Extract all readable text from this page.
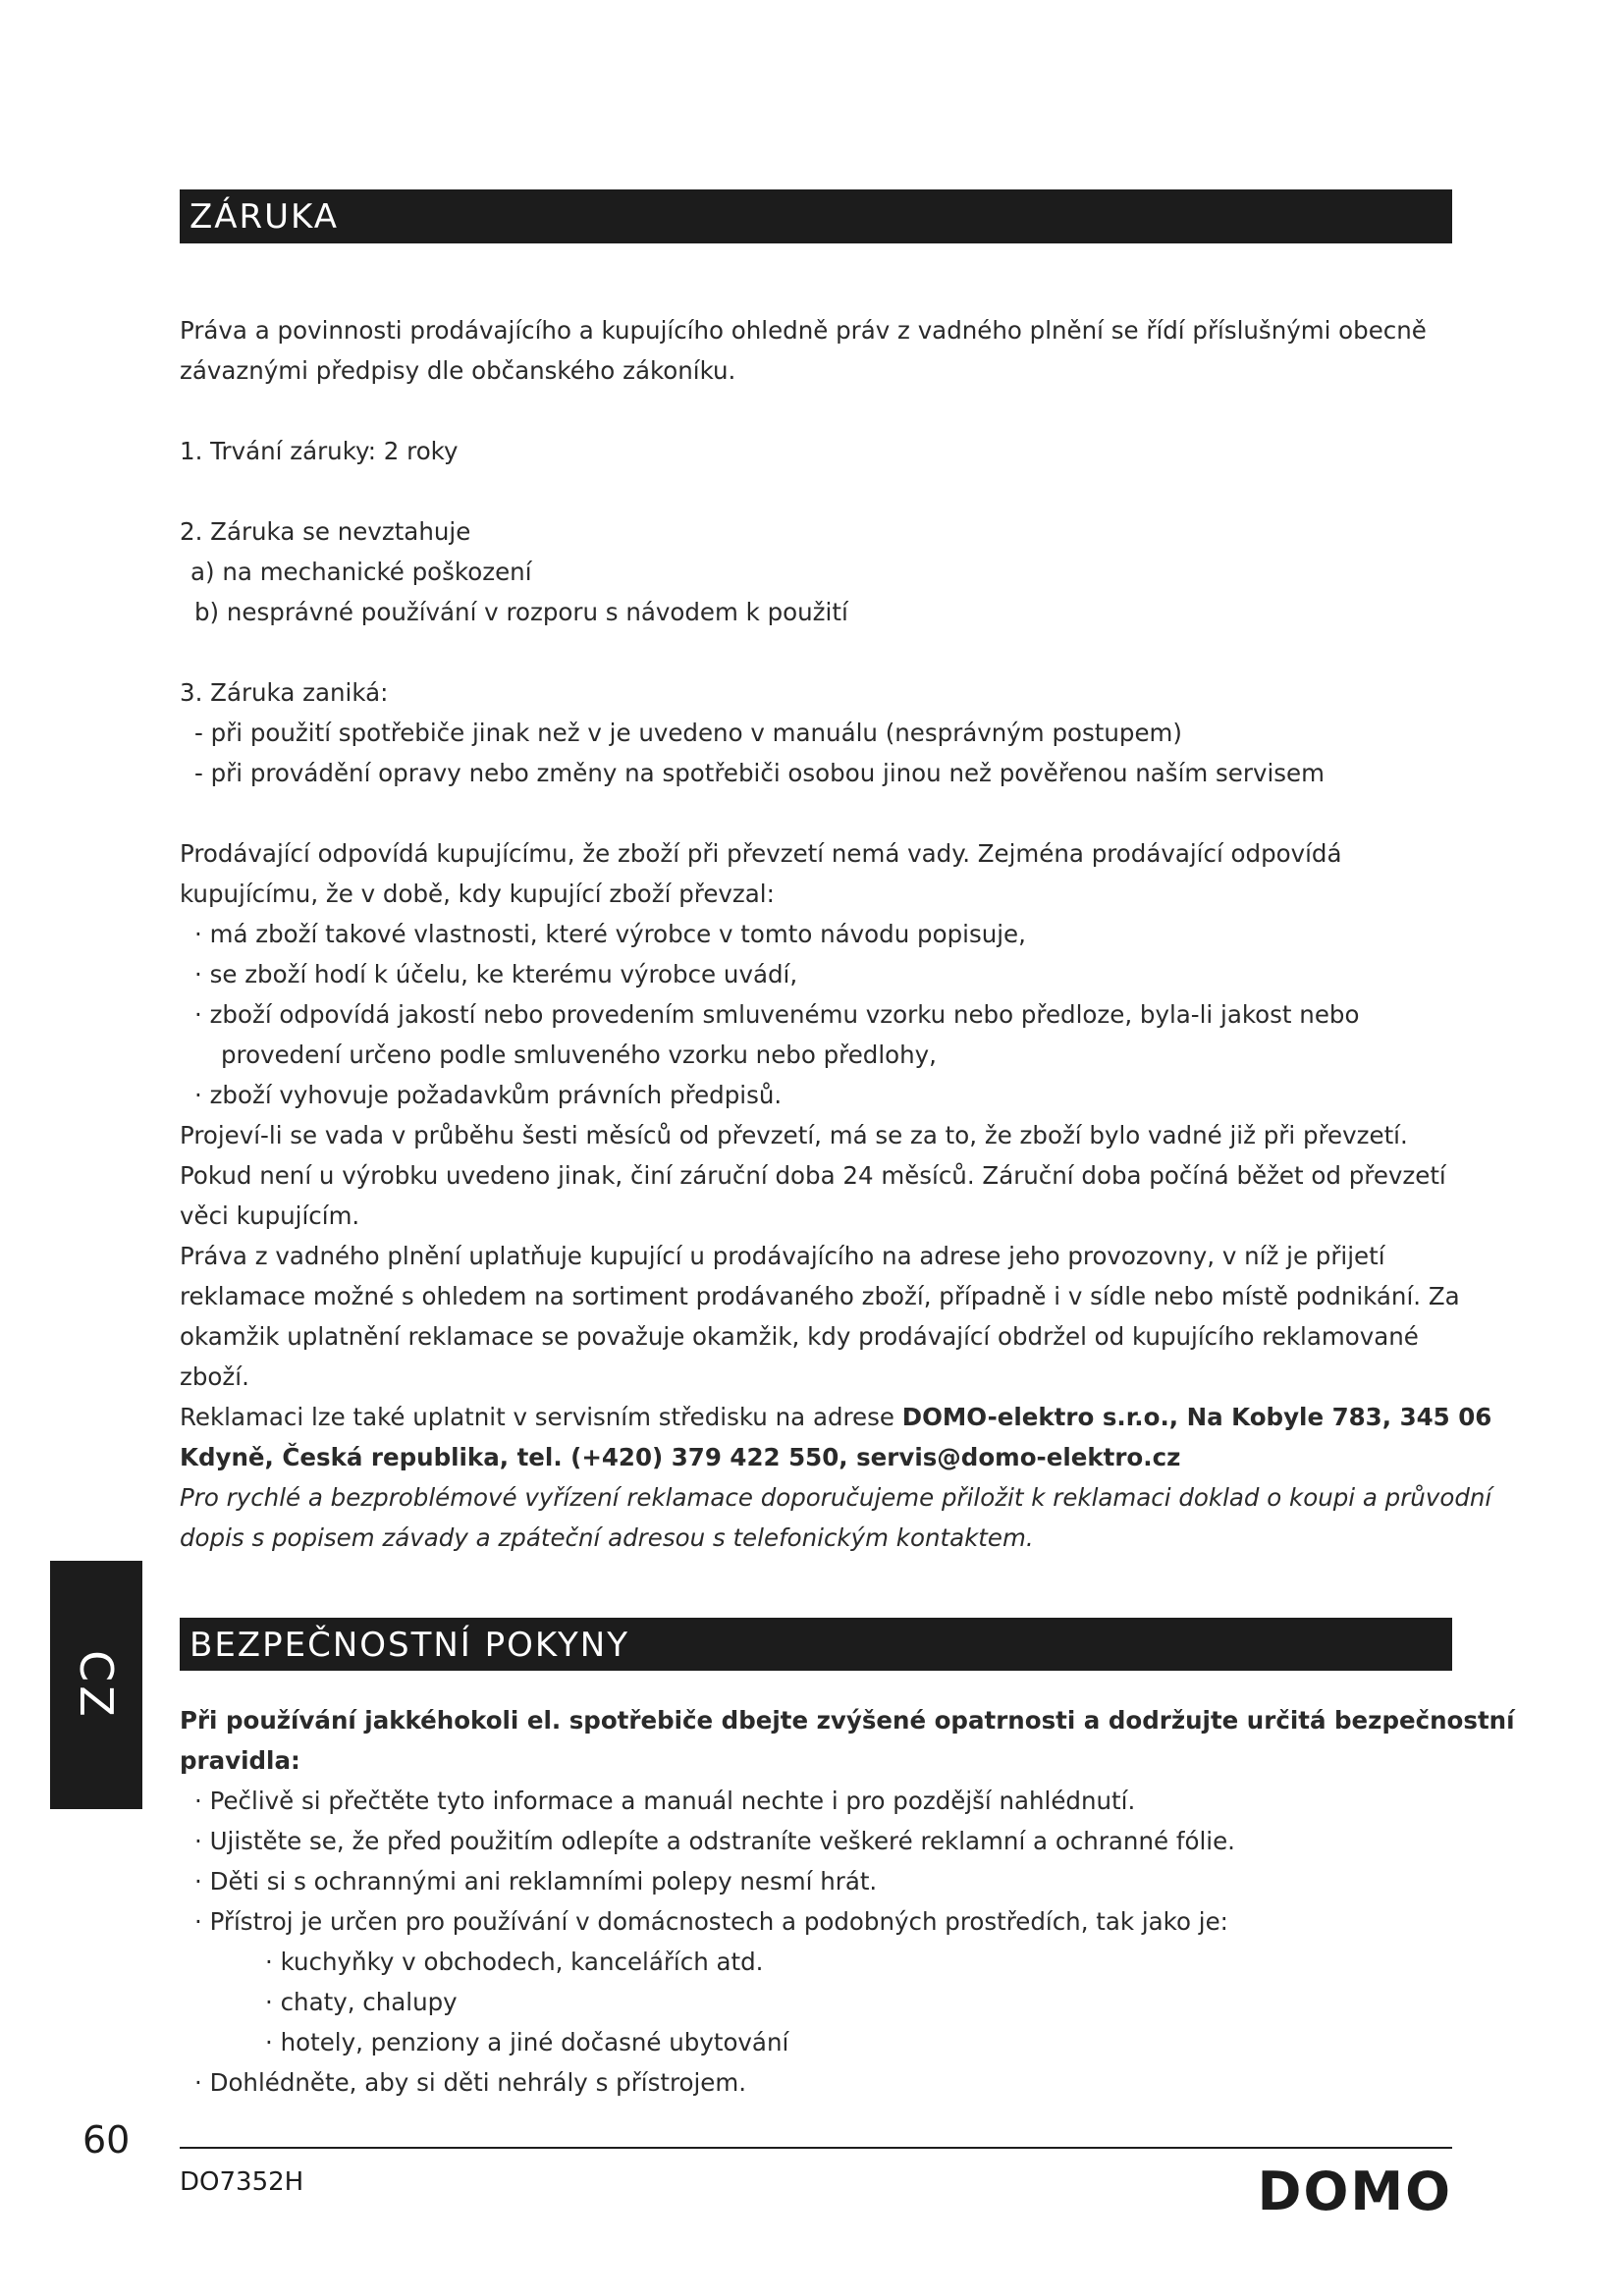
ZÁRUKA
Práva a povinnosti prodávajícího a kupujícího ohledně práv z vadného plnění se řídí příslušnými obecně
závaznými předpisy dle občanského zákoníku.
1. Trvání záruky: 2 roky
2. Záruka se nevztahuje
a) na mechanické poškození
b) nesprávné používání v rozporu s návodem k použití
3. Záruka zaniká:
- při použití spotřebiče jinak než v je uvedeno v manuálu (nesprávným postupem)
- při provádění opravy nebo změny na spotřebiči osobou jinou než pověřenou naším servisem
Prodávající odpovídá kupujícímu, že zboží při převzetí nemá vady. Zejména prodávající odpovídá
kupujícímu, že v době, kdy kupující zboží převzal:
· má zboží takové vlastnosti, které výrobce v tomto návodu popisuje,
· se zboží hodí k účelu, ke kterému výrobce uvádí,
· zboží odpovídá jakostí nebo provedením smluvenému vzorku nebo předloze, byla-li jakost nebo
provedení určeno podle smluveného vzorku nebo předlohy,
· zboží vyhovuje požadavkům právních předpisů.
Projeví-li se vada v průběhu šesti měsíců od převzetí, má se za to, že zboží bylo vadné již při převzetí.
Pokud není u výrobku uvedeno jinak, činí záruční doba 24 měsíců. Záruční doba počíná běžet od převzetí
věci kupujícím.
Práva z vadného plnění uplatňuje kupující u prodávajícího na adrese jeho provozovny, v níž je přijetí
reklamace možné s ohledem na sortiment prodávaného zboží, případně i v sídle nebo místě podnikání. Za
okamžik uplatnění reklamace se považuje okamžik, kdy prodávající obdržel od kupujícího reklamované
zboží.
Reklamaci lze také uplatnit v servisním středisku na adrese DOMO-elektro s.r.o., Na Kobyle 783, 345 06
Kdyně, Česká republika, tel. (+420) 379 422 550, servis@domo-elektro.cz
Pro rychlé a bezproblémové vyřízení reklamace doporučujeme přiložit k reklamaci doklad o koupi a průvodní
dopis s popisem závady a zpáteční adresou s telefonickým kontaktem.
CZ
BEZPEČNOSTNÍ POKYNY
Při používání jakkéhokoli el. spotřebiče dbejte zvýšené opatrnosti a dodržujte určitá bezpečnostní
pravidla:
· Pečlivě si přečtěte tyto informace a manuál nechte i pro pozdější nahlédnutí.
· Ujistěte se, že před použitím odlepíte a odstraníte veškeré reklamní a ochranné fólie.
· Děti si s ochrannými ani reklamními polepy nesmí hrát.
· Přístroj je určen pro používání v domácnostech a podobných prostředích, tak jako je:
· kuchyňky v obchodech, kancelářích atd.
· chaty, chalupy
· hotely, penziony a jiné dočasné ubytování
· Dohlédněte, aby si děti nehrály s přístrojem.
60
DO7352H	DOMO
